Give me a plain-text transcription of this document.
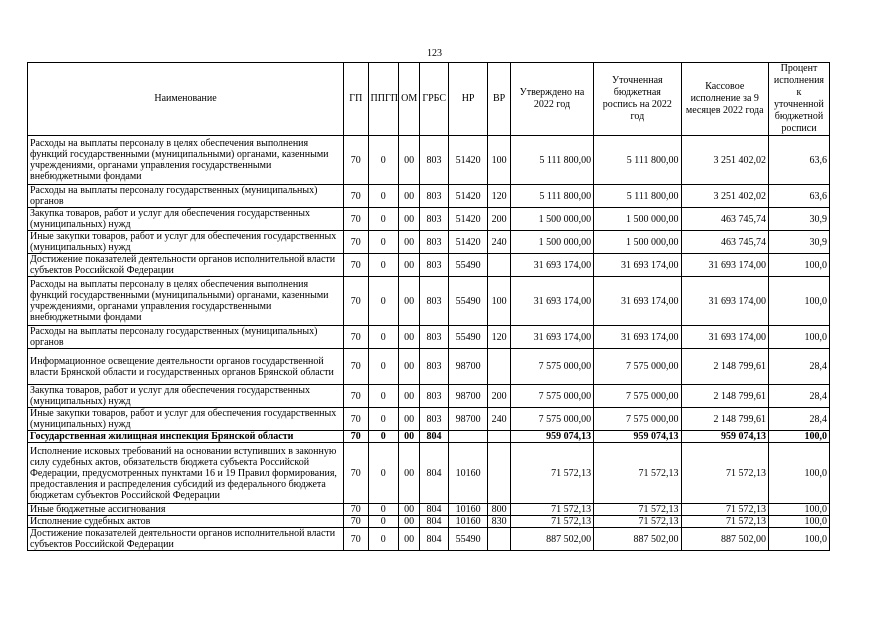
123
Наименование	ГП	ППГП	ОМ	ГРБС	НР	ВР	Утверждено на 2022 год	Уточненная бюджетная роспись на 2022 год	Кассовое исполнение за 9 месяцев 2022 года	Процент исполнения к уточненной бюджетной росписи
Расходы на выплаты персоналу в целях обеспечения выполнения функций государственными (муниципальными) органами, казенными учреждениями, органами управления государственными внебюджетными фондами	70	0	00	803	51420	100	5 111 800,00	5 111 800,00	3 251 402,02	63,6
Расходы на выплаты персоналу государственных (муниципальных) органов	70	0	00	803	51420	120	5 111 800,00	5 111 800,00	3 251 402,02	63,6
Закупка товаров, работ и услуг для обеспечения государственных (муниципальных) нужд	70	0	00	803	51420	200	1 500 000,00	1 500 000,00	463 745,74	30,9
Иные закупки товаров, работ и услуг для обеспечения государственных (муниципальных) нужд	70	0	00	803	51420	240	1 500 000,00	1 500 000,00	463 745,74	30,9
Достижение показателей деятельности органов исполнительной власти субъектов Российской Федерации	70	0	00	803	55490		31 693 174,00	31 693 174,00	31 693 174,00	100,0
Расходы на выплаты персоналу в целях обеспечения выполнения функций государственными (муниципальными) органами, казенными учреждениями, органами управления государственными внебюджетными фондами	70	0	00	803	55490	100	31 693 174,00	31 693 174,00	31 693 174,00	100,0
Расходы на выплаты персоналу государственных (муниципальных) органов	70	0	00	803	55490	120	31 693 174,00	31 693 174,00	31 693 174,00	100,0
Информационное освещение деятельности органов государственной власти Брянской области и государственных органов Брянской области	70	0	00	803	98700		7 575 000,00	7 575 000,00	2 148 799,61	28,4
Закупка товаров, работ и услуг для обеспечения государственных (муниципальных) нужд	70	0	00	803	98700	200	7 575 000,00	7 575 000,00	2 148 799,61	28,4
Иные закупки товаров, работ и услуг для обеспечения государственных (муниципальных) нужд	70	0	00	803	98700	240	7 575 000,00	7 575 000,00	2 148 799,61	28,4
Государственная жилищная инспекция Брянской области	70	0	00	804			959 074,13	959 074,13	959 074,13	100,0
Исполнение исковых требований на основании вступивших в законную силу судебных актов, обязательств бюджета субъекта Российской Федерации, предусмотренных пунктами 16 и 19 Правил формирования, предоставления и распределения субсидий из федерального бюджета бюджетам субъектов Российской Федерации	70	0	00	804	10160		71 572,13	71 572,13	71 572,13	100,0
Иные бюджетные ассигнования	70	0	00	804	10160	800	71 572,13	71 572,13	71 572,13	100,0
Исполнение судебных актов	70	0	00	804	10160	830	71 572,13	71 572,13	71 572,13	100,0
Достижение показателей деятельности органов исполнительной власти субъектов Российской Федерации	70	0	00	804	55490		887 502,00	887 502,00	887 502,00	100,0
